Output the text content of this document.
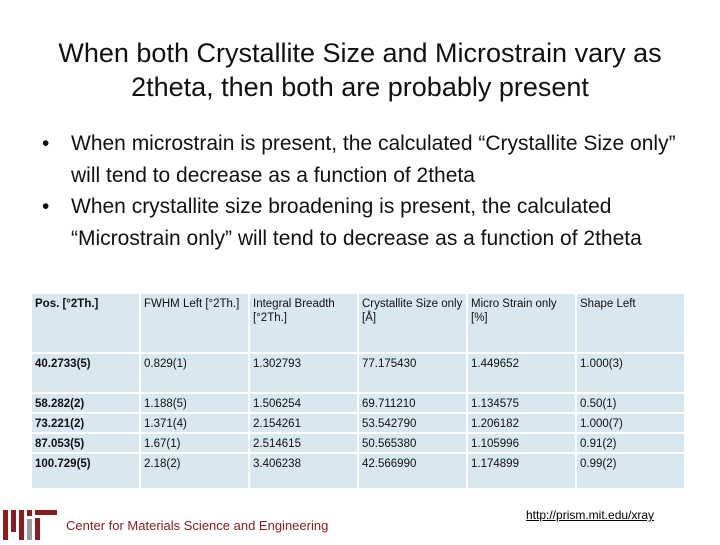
When both Crystallite Size and Microstrain vary as 2theta, then both are probably present
• When microstrain is present, the calculated “Crystallite Size only” will tend to decrease as a function of 2theta
• When crystallite size broadening is present, the calculated “Microstrain only” will tend to decrease as a function of 2theta
Pos. [°2Th.]	FWHM Left [°2Th.]	Integral Breadth [°2Th.]	Crystallite Size only [Å]	Micro Strain only [%]	Shape Left
40.2733(5)	0.829(1)	1.302793	77.175430	1.449652	1.000(3)
58.282(2)	1.188(5)	1.506254	69.711210	1.134575	0.50(1)
73.221(2)	1.371(4)	2.154261	53.542790	1.206182	1.000(7)
87.053(5)	1.67(1)	2.514615	50.565380	1.105996	0.91(2)
100.729(5)	2.18(2)	3.406238	42.566990	1.174899	0.99(2)
Center for Materials Science and Engineering
http://prism.mit.edu/xray
